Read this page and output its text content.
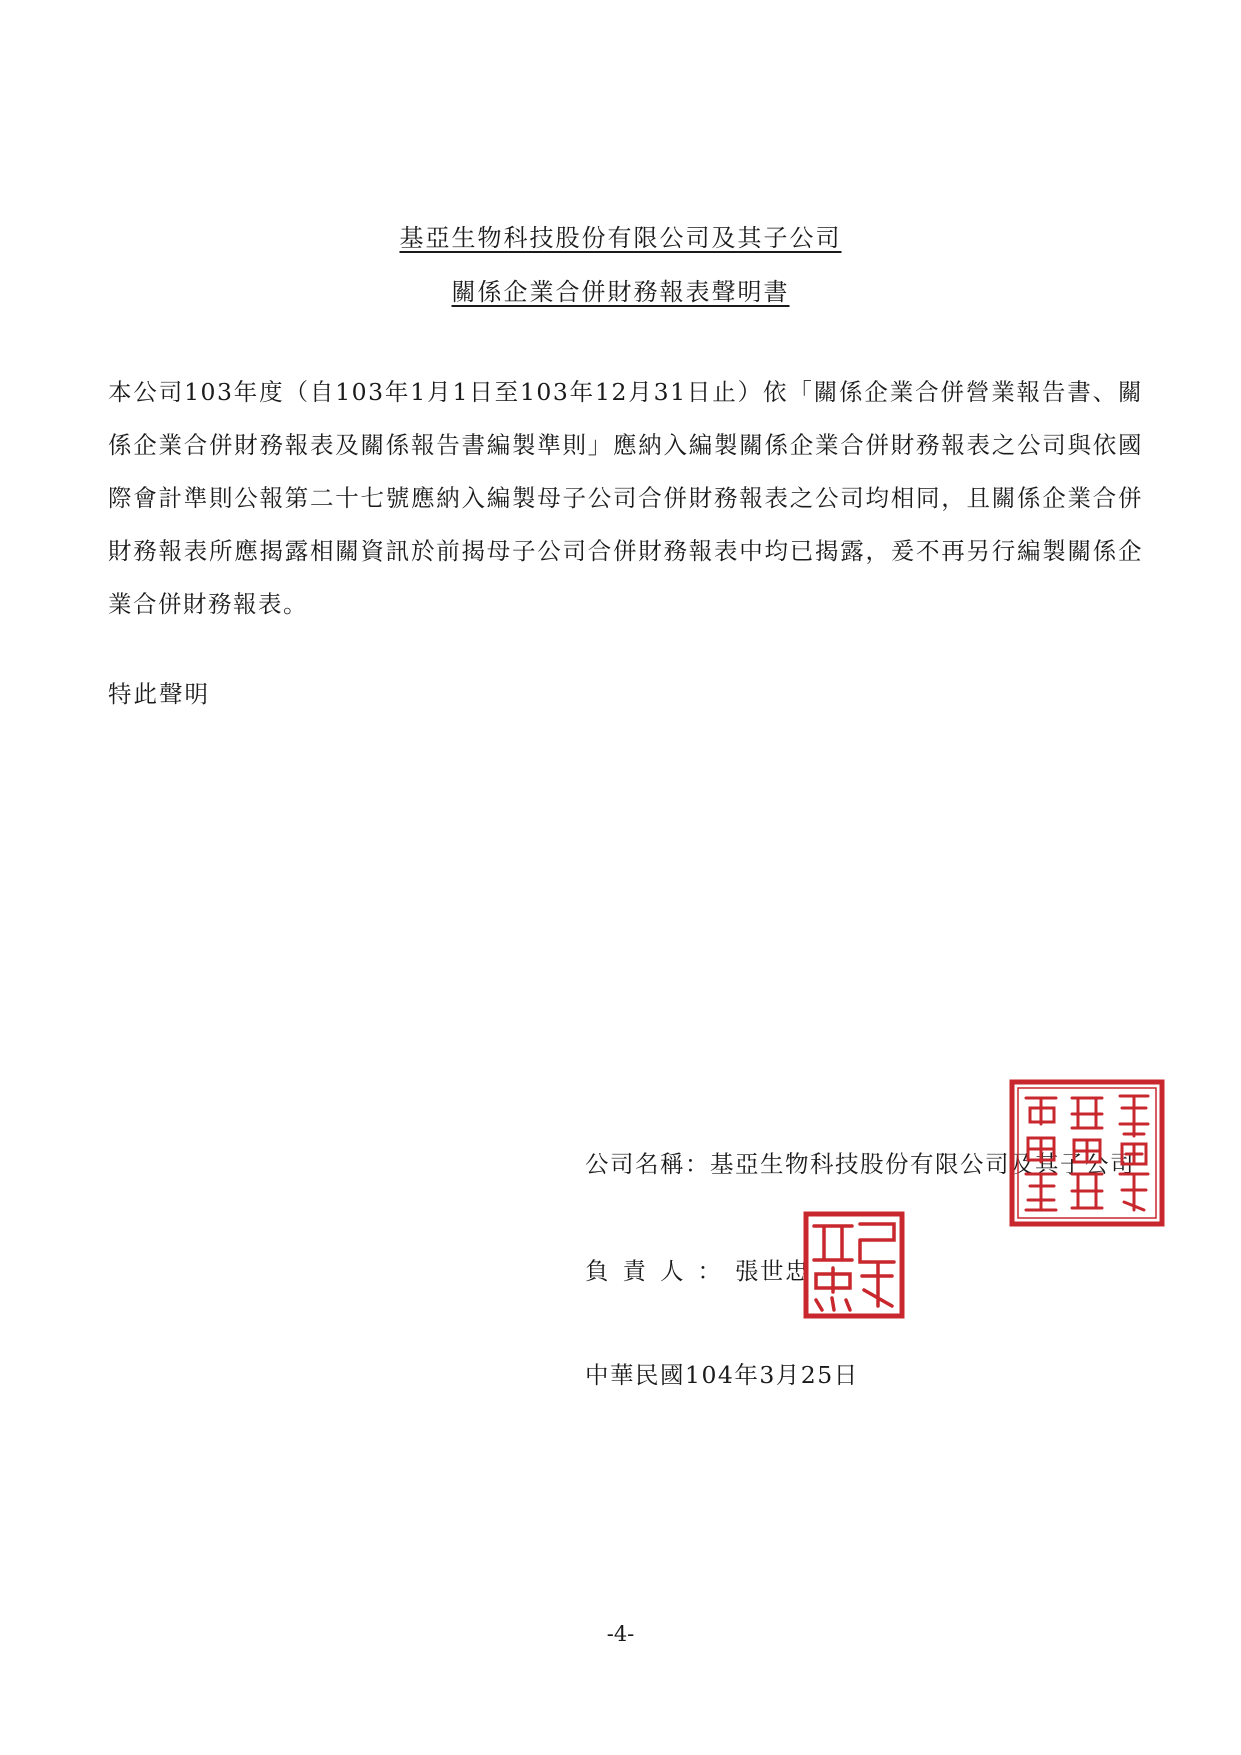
基亞生物科技股份有限公司及其子公司
關係企業合併財務報表聲明書
本公司103年度（自103年1月1日至103年12月31日止）依「關係企業合併營業報告書、關係企業合併財務報表及關係報告書編製準則」應納入編製關係企業合併財務報表之公司與依國際會計準則公報第二十七號應納入編製母子公司合併財務報表之公司均相同，且關係企業合併財務報表所應揭露相關資訊於前揭母子公司合併財務報表中均已揭露，爰不再另行編製關係企業合併財務報表。
特此聲明
公司名稱：基亞生物科技股份有限公司及其子公司
負責人：張世忠
中華民國104年3月25日
-4-
